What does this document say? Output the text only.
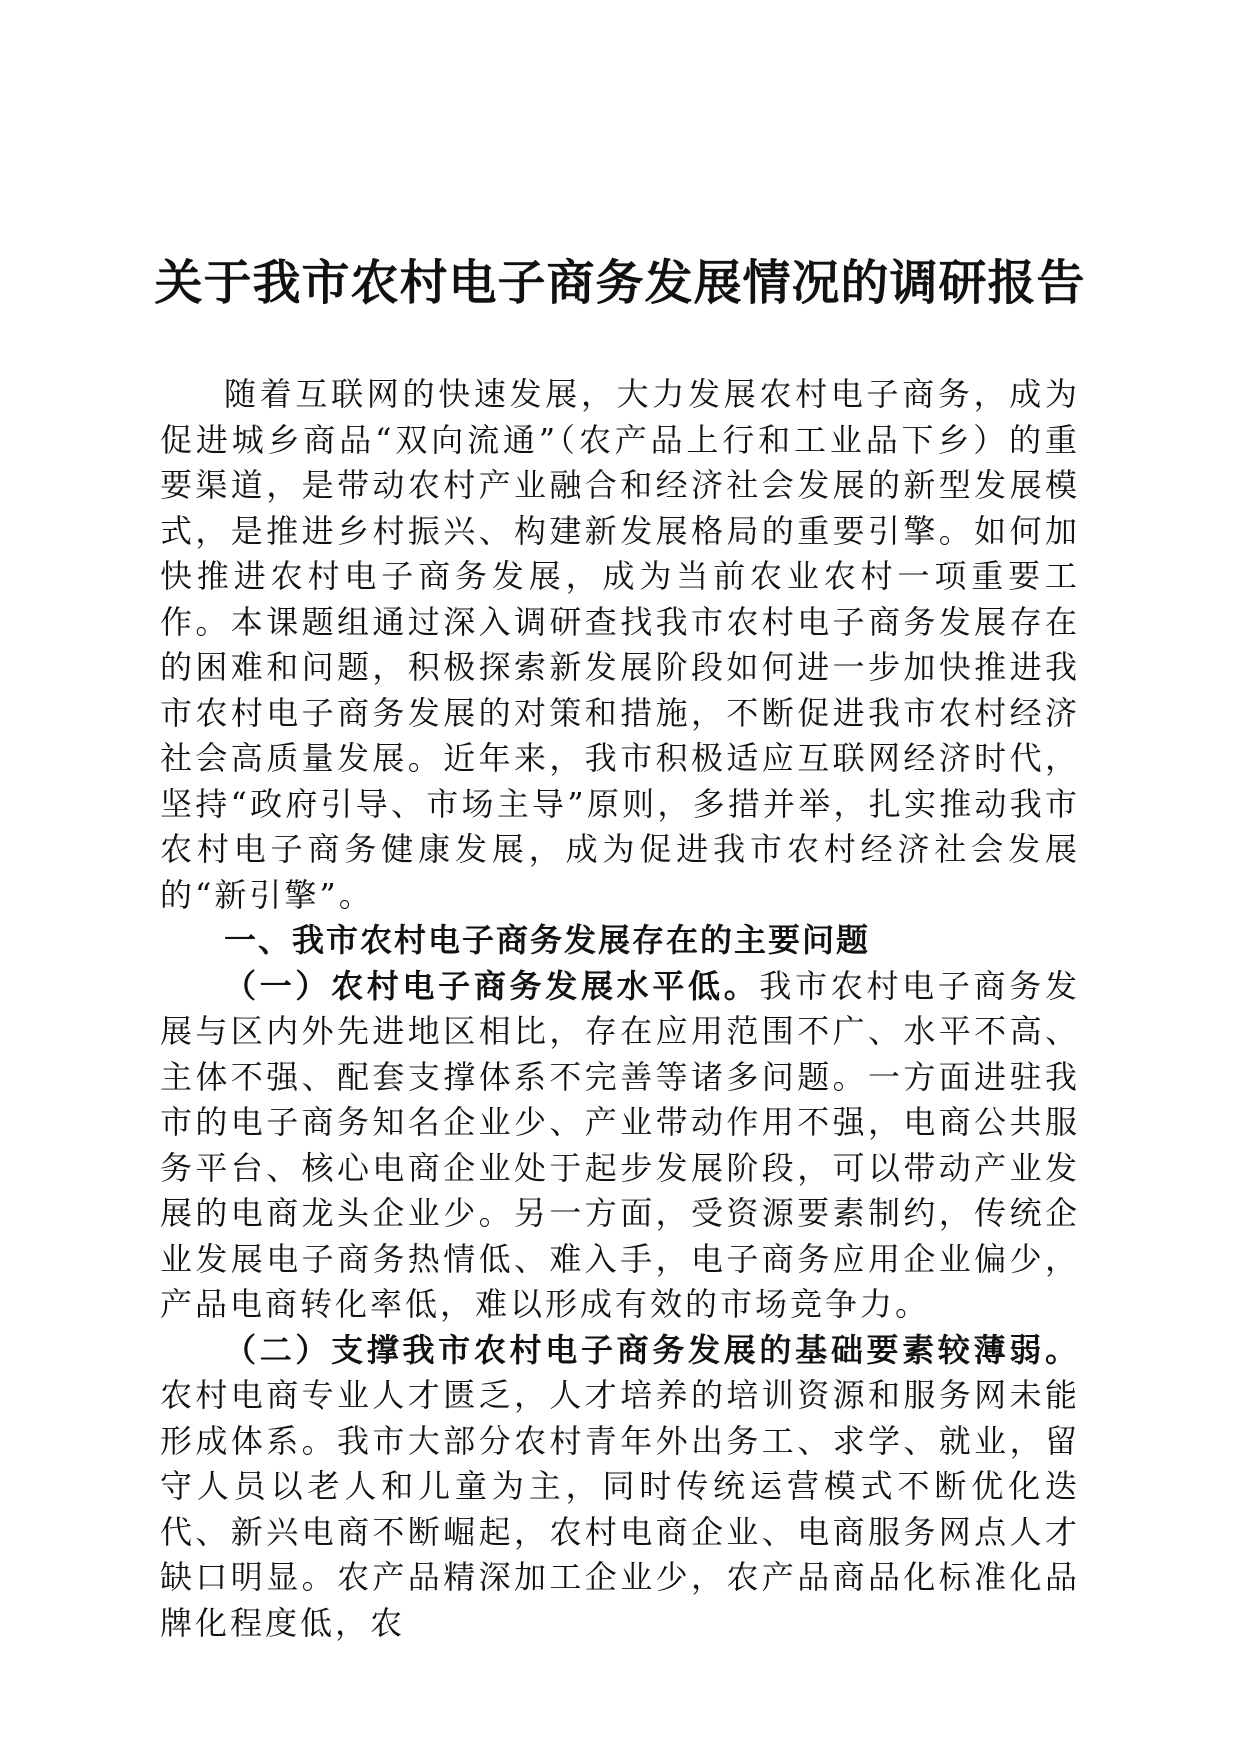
关于我市农村电子商务发展情况的调研报告

随着互联网的快速发展，大力发展农村电子商务，成为促进城乡商品“双向流通”（农产品上行和工业品下乡）的重要渠道，是带动农村产业融合和经济社会发展的新型发展模式，是推进乡村振兴、构建新发展格局的重要引擎。如何加快推进农村电子商务发展，成为当前农业农村一项重要工作。本课题组通过深入调研查找我市农村电子商务发展存在的困难和问题，积极探索新发展阶段如何进一步加快推进我市农村电子商务发展的对策和措施，不断促进我市农村经济社会高质量发展。近年来，我市积极适应互联网经济时代，坚持“政府引导、市场主导”原则，多措并举，扎实推动我市农村电子商务健康发展，成为促进我市农村经济社会发展的“新引擎”。

一、我市农村电子商务发展存在的主要问题

（一）农村电子商务发展水平低。我市农村电子商务发展与区内外先进地区相比，存在应用范围不广、水平不高、主体不强、配套支撑体系不完善等诸多问题。一方面进驻我市的电子商务知名企业少、产业带动作用不强，电商公共服务平台、核心电商企业处于起步发展阶段，可以带动产业发展的电商龙头企业少。另一方面，受资源要素制约，传统企业发展电子商务热情低、难入手，电子商务应用企业偏少，产品电商转化率低，难以形成有效的市场竞争力。

（二）支撑我市农村电子商务发展的基础要素较薄弱。农村电商专业人才匮乏，人才培养的培训资源和服务网未能形成体系。我市大部分农村青年外出务工、求学、就业，留守人员以老人和儿童为主，同时传统运营模式不断优化迭代、新兴电商不断崛起，农村电商企业、电商服务网点人才缺口明显。农产品精深加工企业少，农产品商品化标准化品牌化程度低，农
